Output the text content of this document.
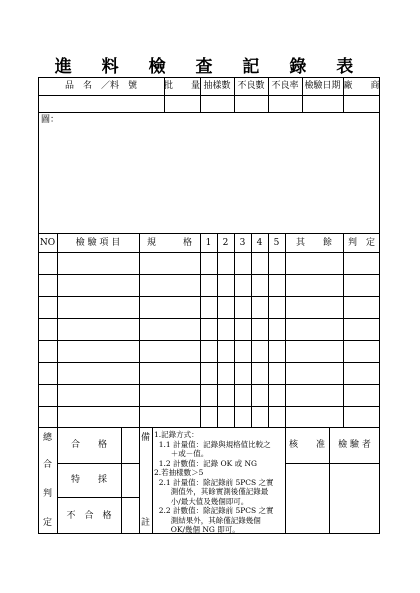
進 料 檢 查 記 錄 表
品　名　／料　號	批　　量 抽樣數 不良數 不良率 檢驗日期 廠　　商
圖：
NO	檢 驗 項 目	規　　　格	1	2	3	4	5	其　　餘	判　定
總
合
判
定
合　　格
特　　採
不　合　格
備
註
1.記錄方式：
1.1 計量值：記錄與規格值比較之
＋或－值。
1.2 計數值：記錄 OK 或 NG
2.若抽樣數＞5
2.1 計量值：除記錄前 5PCS 之實
測值外，其餘實測後僅記錄最
小/最大值及幾個即可。
2.2 計數值：除記錄前 5PCS 之實
測結果外，其餘僅記錄幾個
OK/幾個 NG 即可。
核　　准	檢 驗 者
